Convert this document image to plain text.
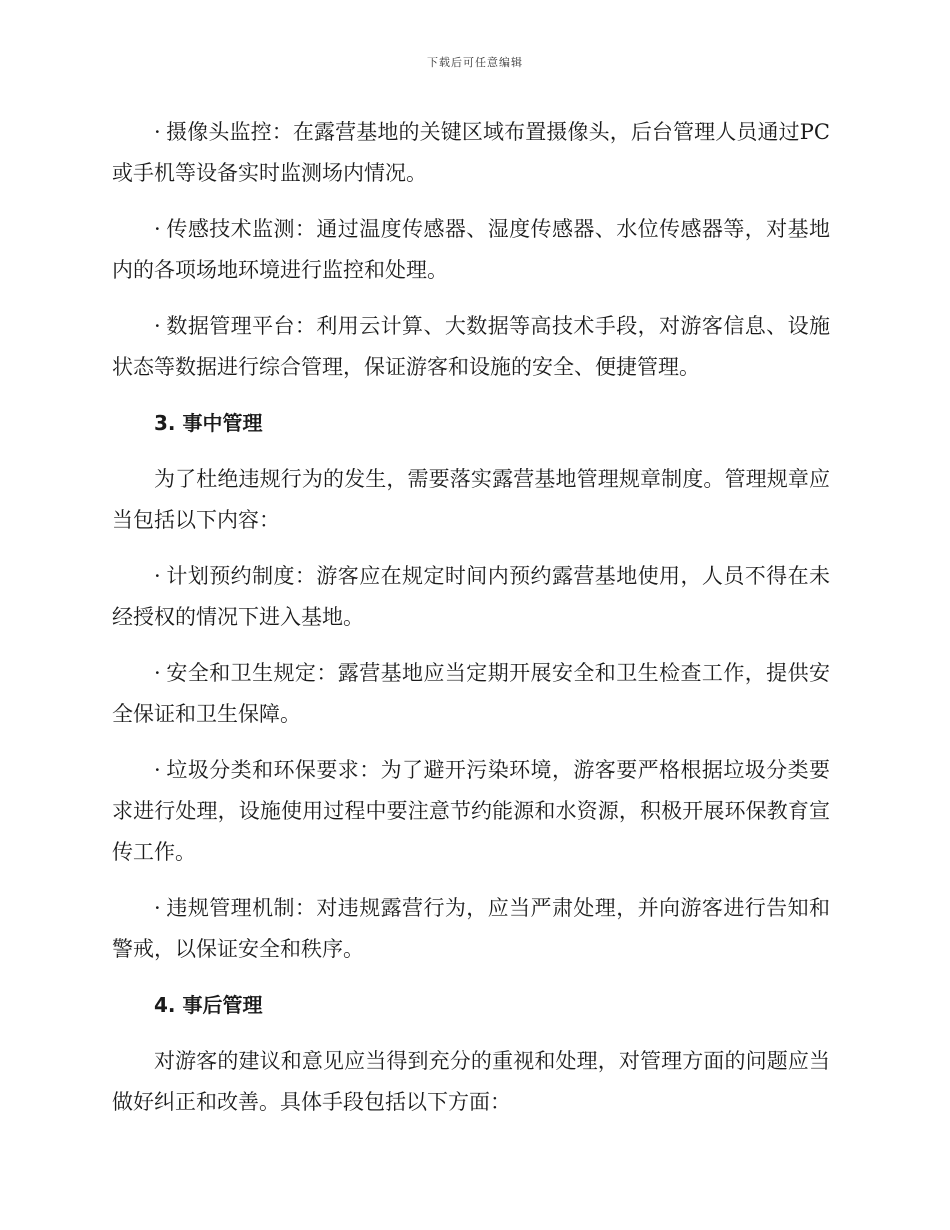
下载后可任意编辑

· 摄像头监控：在露营基地的关键区域布置摄像头，后台管理人员通过PC或手机等设备实时监测场内情况。

· 传感技术监测：通过温度传感器、湿度传感器、水位传感器等，对基地内的各项场地环境进行监控和处理。

· 数据管理平台：利用云计算、大数据等高技术手段，对游客信息、设施状态等数据进行综合管理，保证游客和设施的安全、便捷管理。

3. 事中管理

为了杜绝违规行为的发生，需要落实露营基地管理规章制度。管理规章应当包括以下内容：

· 计划预约制度：游客应在规定时间内预约露营基地使用，人员不得在未经授权的情况下进入基地。

· 安全和卫生规定：露营基地应当定期开展安全和卫生检查工作，提供安全保证和卫生保障。

· 垃圾分类和环保要求：为了避开污染环境，游客要严格根据垃圾分类要求进行处理，设施使用过程中要注意节约能源和水资源，积极开展环保教育宣传工作。

· 违规管理机制：对违规露营行为，应当严肃处理，并向游客进行告知和警戒，以保证安全和秩序。

4. 事后管理

对游客的建议和意见应当得到充分的重视和处理，对管理方面的问题应当做好纠正和改善。具体手段包括以下方面：
